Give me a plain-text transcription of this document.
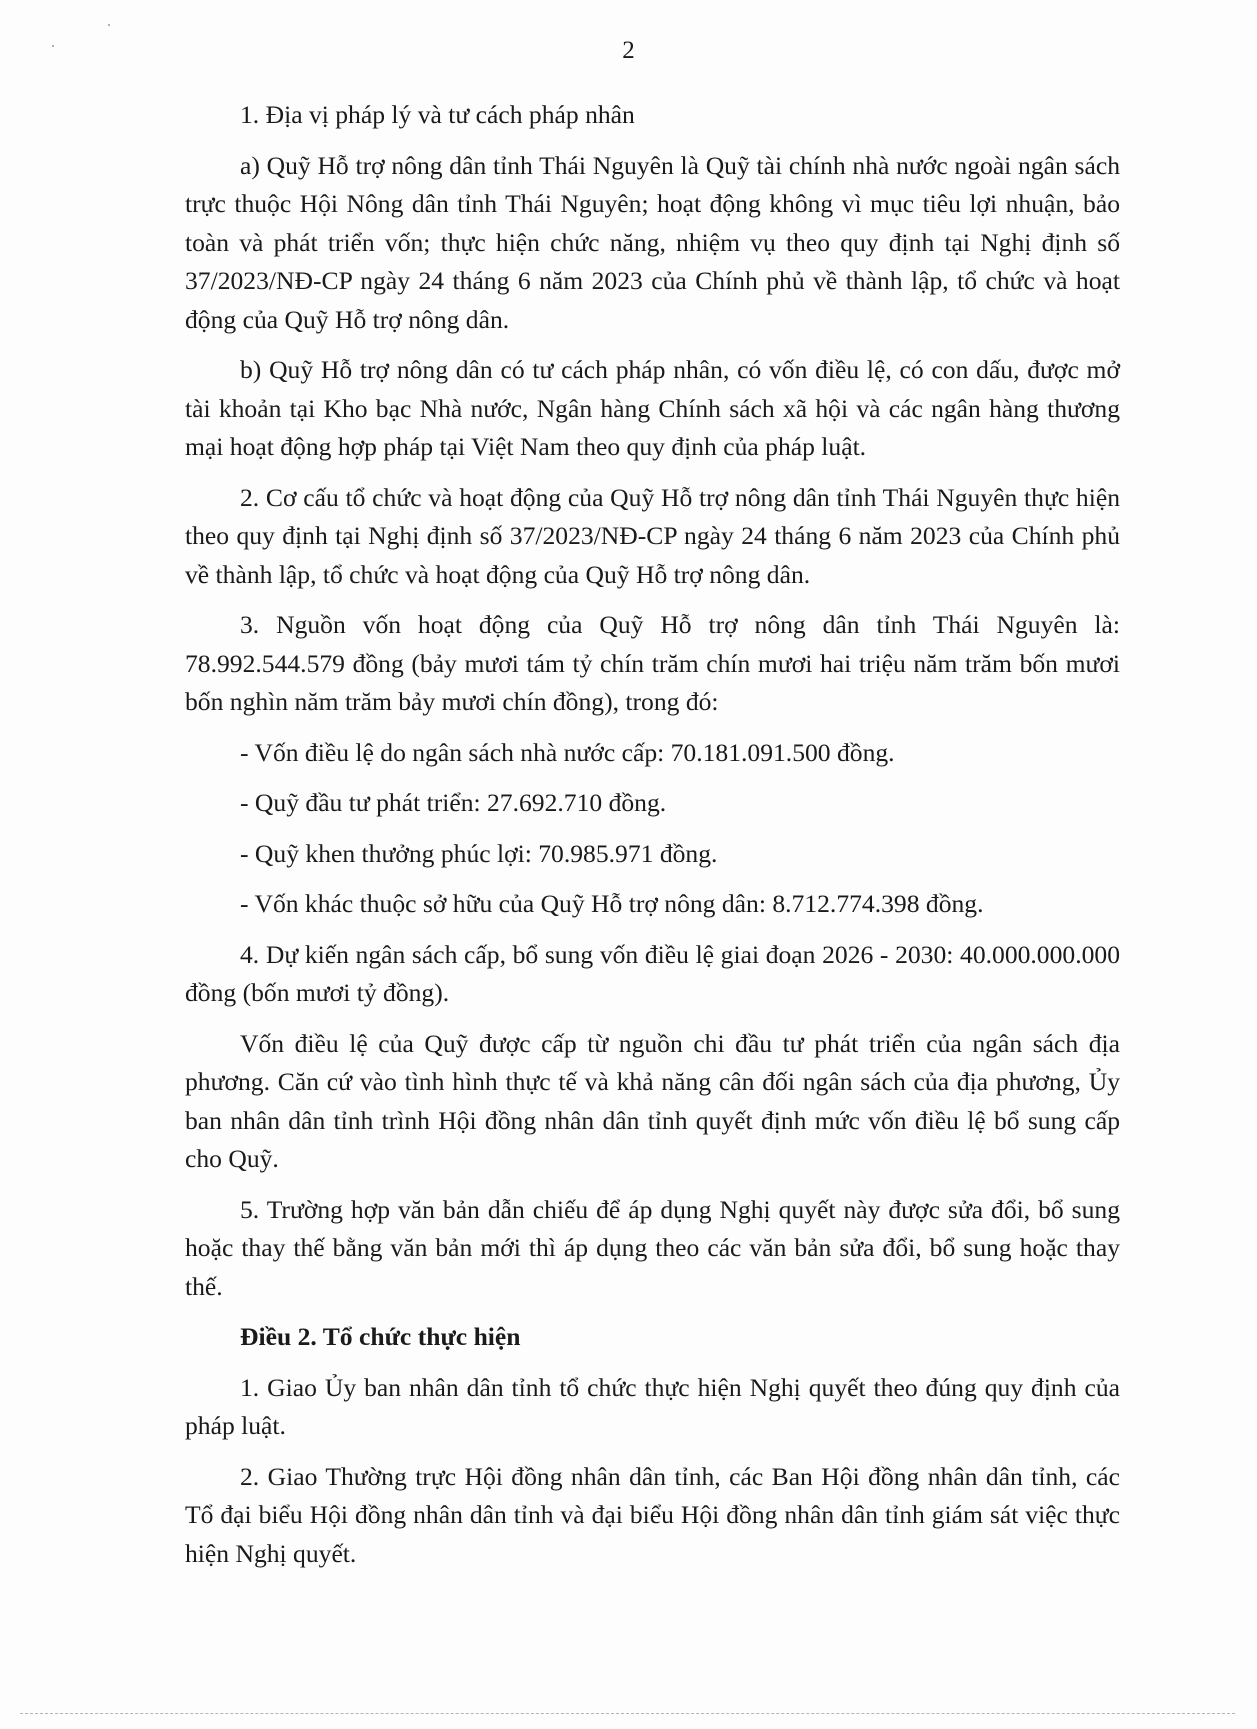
2

1. Địa vị pháp lý và tư cách pháp nhân

a) Quỹ Hỗ trợ nông dân tỉnh Thái Nguyên là Quỹ tài chính nhà nước ngoài ngân sách trực thuộc Hội Nông dân tỉnh Thái Nguyên; hoạt động không vì mục tiêu lợi nhuận, bảo toàn và phát triển vốn; thực hiện chức năng, nhiệm vụ theo quy định tại Nghị định số 37/2023/NĐ-CP ngày 24 tháng 6 năm 2023 của Chính phủ về thành lập, tổ chức và hoạt động của Quỹ Hỗ trợ nông dân.

b) Quỹ Hỗ trợ nông dân có tư cách pháp nhân, có vốn điều lệ, có con dấu, được mở tài khoản tại Kho bạc Nhà nước, Ngân hàng Chính sách xã hội và các ngân hàng thương mại hoạt động hợp pháp tại Việt Nam theo quy định của pháp luật.

2. Cơ cấu tổ chức và hoạt động của Quỹ Hỗ trợ nông dân tỉnh Thái Nguyên thực hiện theo quy định tại Nghị định số 37/2023/NĐ-CP ngày 24 tháng 6 năm 2023 của Chính phủ về thành lập, tổ chức và hoạt động của Quỹ Hỗ trợ nông dân.

3. Nguồn vốn hoạt động của Quỹ Hỗ trợ nông dân tỉnh Thái Nguyên là: 78.992.544.579 đồng (bảy mươi tám tỷ chín trăm chín mươi hai triệu năm trăm bốn mươi bốn nghìn năm trăm bảy mươi chín đồng), trong đó:

- Vốn điều lệ do ngân sách nhà nước cấp: 70.181.091.500 đồng.

- Quỹ đầu tư phát triển: 27.692.710 đồng.

- Quỹ khen thưởng phúc lợi: 70.985.971 đồng.

- Vốn khác thuộc sở hữu của Quỹ Hỗ trợ nông dân: 8.712.774.398 đồng.

4. Dự kiến ngân sách cấp, bổ sung vốn điều lệ giai đoạn 2026 - 2030: 40.000.000.000 đồng (bốn mươi tỷ đồng).

Vốn điều lệ của Quỹ được cấp từ nguồn chi đầu tư phát triển của ngân sách địa phương. Căn cứ vào tình hình thực tế và khả năng cân đối ngân sách của địa phương, Ủy ban nhân dân tỉnh trình Hội đồng nhân dân tỉnh quyết định mức vốn điều lệ bổ sung cấp cho Quỹ.

5. Trường hợp văn bản dẫn chiếu để áp dụng Nghị quyết này được sửa đổi, bổ sung hoặc thay thế bằng văn bản mới thì áp dụng theo các văn bản sửa đổi, bổ sung hoặc thay thế.

Điều 2. Tổ chức thực hiện

1. Giao Ủy ban nhân dân tỉnh tổ chức thực hiện Nghị quyết theo đúng quy định của pháp luật.

2. Giao Thường trực Hội đồng nhân dân tỉnh, các Ban Hội đồng nhân dân tỉnh, các Tổ đại biểu Hội đồng nhân dân tỉnh và đại biểu Hội đồng nhân dân tỉnh giám sát việc thực hiện Nghị quyết.
